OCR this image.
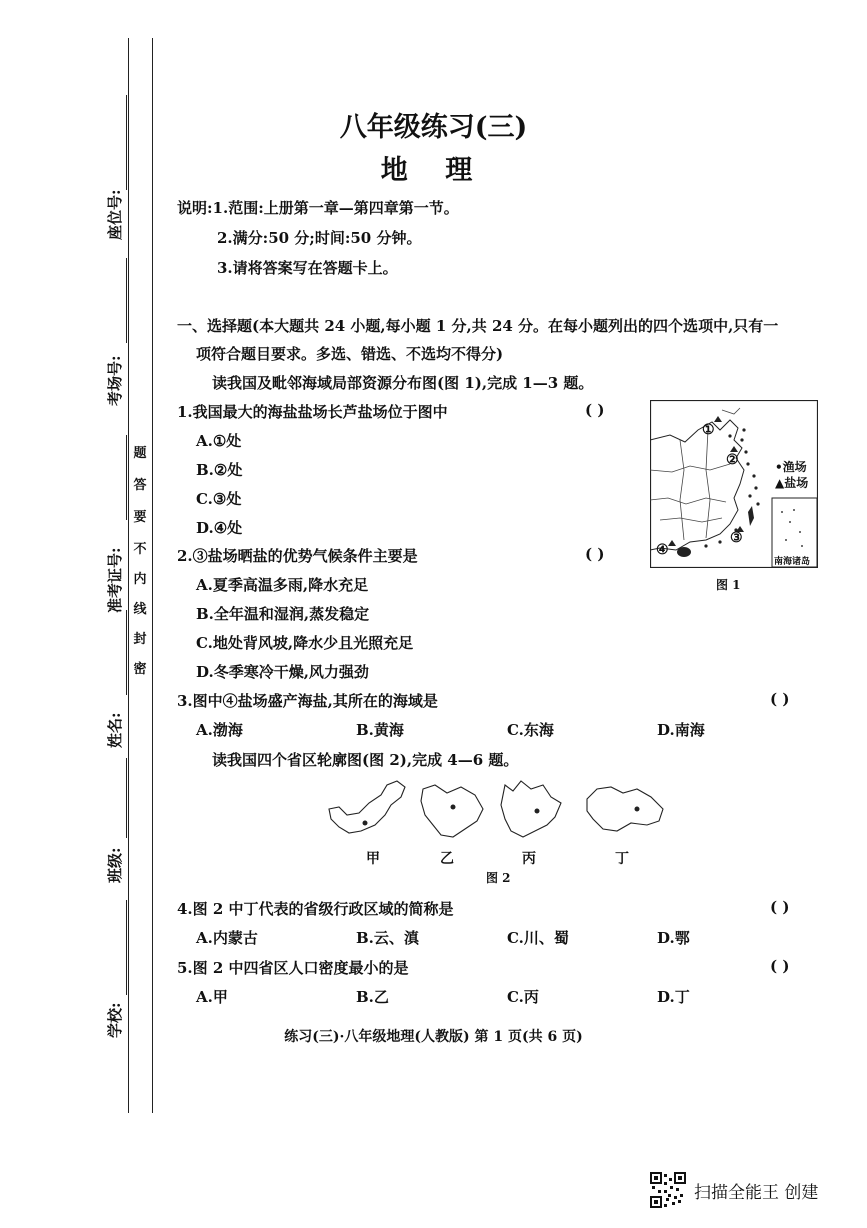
座位号:
考场号:
准考证号:
姓名:
班级:
学校:
题
答
要
不
内
线
封
密
八年级练习(三)
地 理
说明:1.范围:上册第一章—第四章第一节。
2.满分:50 分;时间:50 分钟。
3.请将答案写在答题卡上。
一、选择题(本大题共 24 小题,每小题 1 分,共 24 分。在每小题列出的四个选项中,只有一
项符合题目要求。多选、错选、不选均不得分)
读我国及毗邻海域局部资源分布图(图 1),完成 1—3 题。
1.我国最大的海盐盐场长芦盐场位于图中	( )
A.①处
B.②处
C.③处
D.④处
2.③盐场晒盐的优势气候条件主要是	( )
A.夏季高温多雨,降水充足
B.全年温和湿润,蒸发稳定
C.地处背风坡,降水少且光照充足
D.冬季寒冷干燥,风力强劲
①
②
③
④
•渔场
▲盐场
南海诸岛
图 1
3.图中④盐场盛产海盐,其所在的海域是	( )
A.渤海	B.黄海	C.东海	D.南海
读我国四个省区轮廓图(图 2),完成 4—6 题。
甲	乙	丙	丁
图 2
4.图 2 中丁代表的省级行政区域的简称是	( )
A.内蒙古	B.云、滇	C.川、蜀	D.鄂
5.图 2 中四省区人口密度最小的是	( )
A.甲	B.乙	C.丙	D.丁
练习(三)·八年级地理(人教版) 第 1 页(共 6 页)
扫描全能王 创建
